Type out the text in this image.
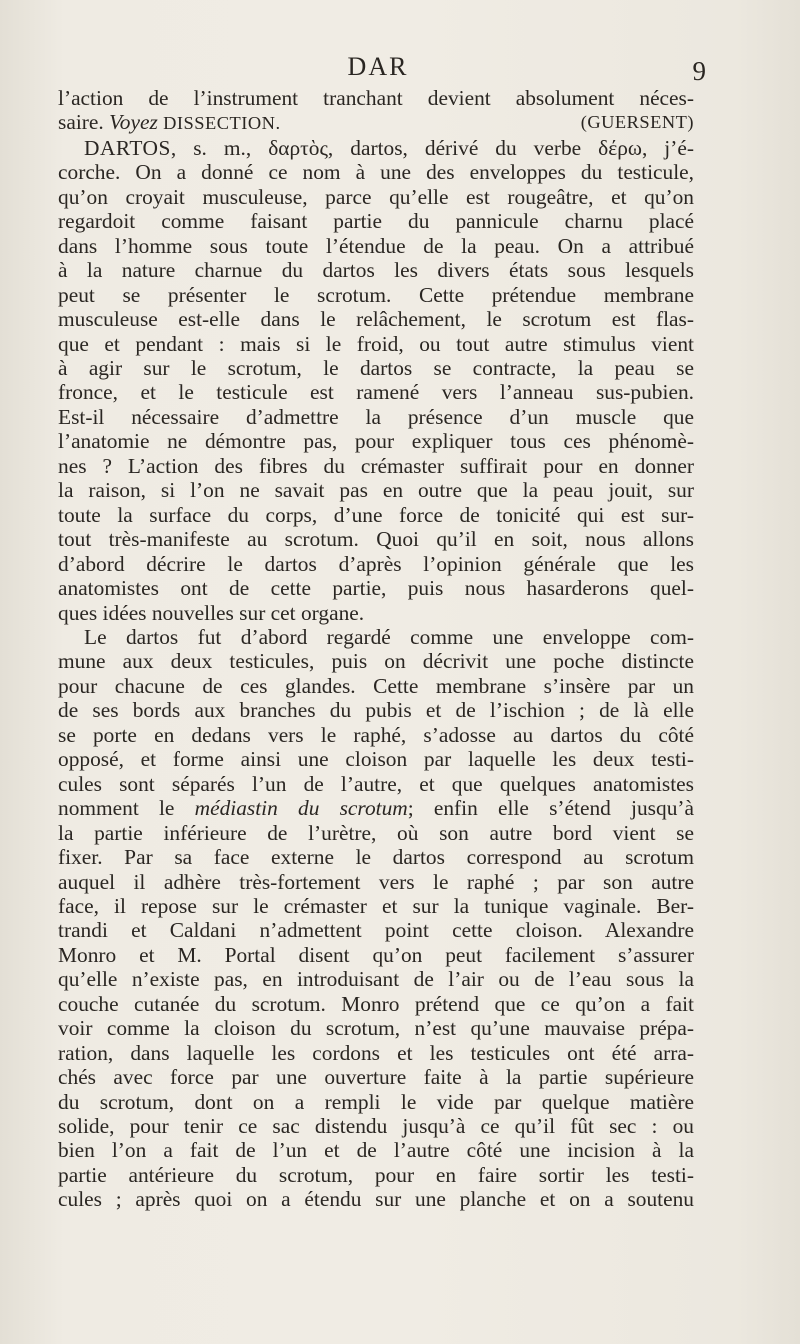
DAR	9
l’action de l’instrument tranchant devient absolument néces-
saire. Voyez DISSECTION.	(GUERSENT)
DARTOS, s. m., δαρτὸς, dartos, dérivé du verbe δέρω, j’é-
corche. On a donné ce nom à une des enveloppes du testicule,
qu’on croyait musculeuse, parce qu’elle est rougeâtre, et qu’on
regardoit comme faisant partie du pannicule charnu placé
dans l’homme sous toute l’étendue de la peau. On a attribué
à la nature charnue du dartos les divers états sous lesquels
peut se présenter le scrotum. Cette prétendue membrane
musculeuse est-elle dans le relâchement, le scrotum est flas-
que et pendant : mais si le froid, ou tout autre stimulus vient
à agir sur le scrotum, le dartos se contracte, la peau se
fronce, et le testicule est ramené vers l’anneau sus-pubien.
Est-il nécessaire d’admettre la présence d’un muscle que
l’anatomie ne démontre pas, pour expliquer tous ces phénomè-
nes ? L’action des fibres du crémaster suffirait pour en donner
la raison, si l’on ne savait pas en outre que la peau jouit, sur
toute la surface du corps, d’une force de tonicité qui est sur-
tout très-manifeste au scrotum. Quoi qu’il en soit, nous allons
d’abord décrire le dartos d’après l’opinion générale que les
anatomistes ont de cette partie, puis nous hasarderons quel-
ques idées nouvelles sur cet organe.
Le dartos fut d’abord regardé comme une enveloppe com-
mune aux deux testicules, puis on décrivit une poche distincte
pour chacune de ces glandes. Cette membrane s’insère par un
de ses bords aux branches du pubis et de l’ischion ; de là elle
se porte en dedans vers le raphé, s’adosse au dartos du côté
opposé, et forme ainsi une cloison par laquelle les deux testi-
cules sont séparés l’un de l’autre, et que quelques anatomistes
nomment le médiastin du scrotum; enfin elle s’étend jusqu’à
la partie inférieure de l’urètre, où son autre bord vient se
fixer. Par sa face externe le dartos correspond au scrotum
auquel il adhère très-fortement vers le raphé ; par son autre
face, il repose sur le crémaster et sur la tunique vaginale. Ber-
trandi et Caldani n’admettent point cette cloison. Alexandre
Monro et M. Portal disent qu’on peut facilement s’assurer
qu’elle n’existe pas, en introduisant de l’air ou de l’eau sous la
couche cutanée du scrotum. Monro prétend que ce qu’on a fait
voir comme la cloison du scrotum, n’est qu’une mauvaise prépa-
ration, dans laquelle les cordons et les testicules ont été arra-
chés avec force par une ouverture faite à la partie supérieure
du scrotum, dont on a rempli le vide par quelque matière
solide, pour tenir ce sac distendu jusqu’à ce qu’il fût sec : ou
bien l’on a fait de l’un et de l’autre côté une incision à la
partie antérieure du scrotum, pour en faire sortir les testi-
cules ; après quoi on a étendu sur une planche et on a soutenu
